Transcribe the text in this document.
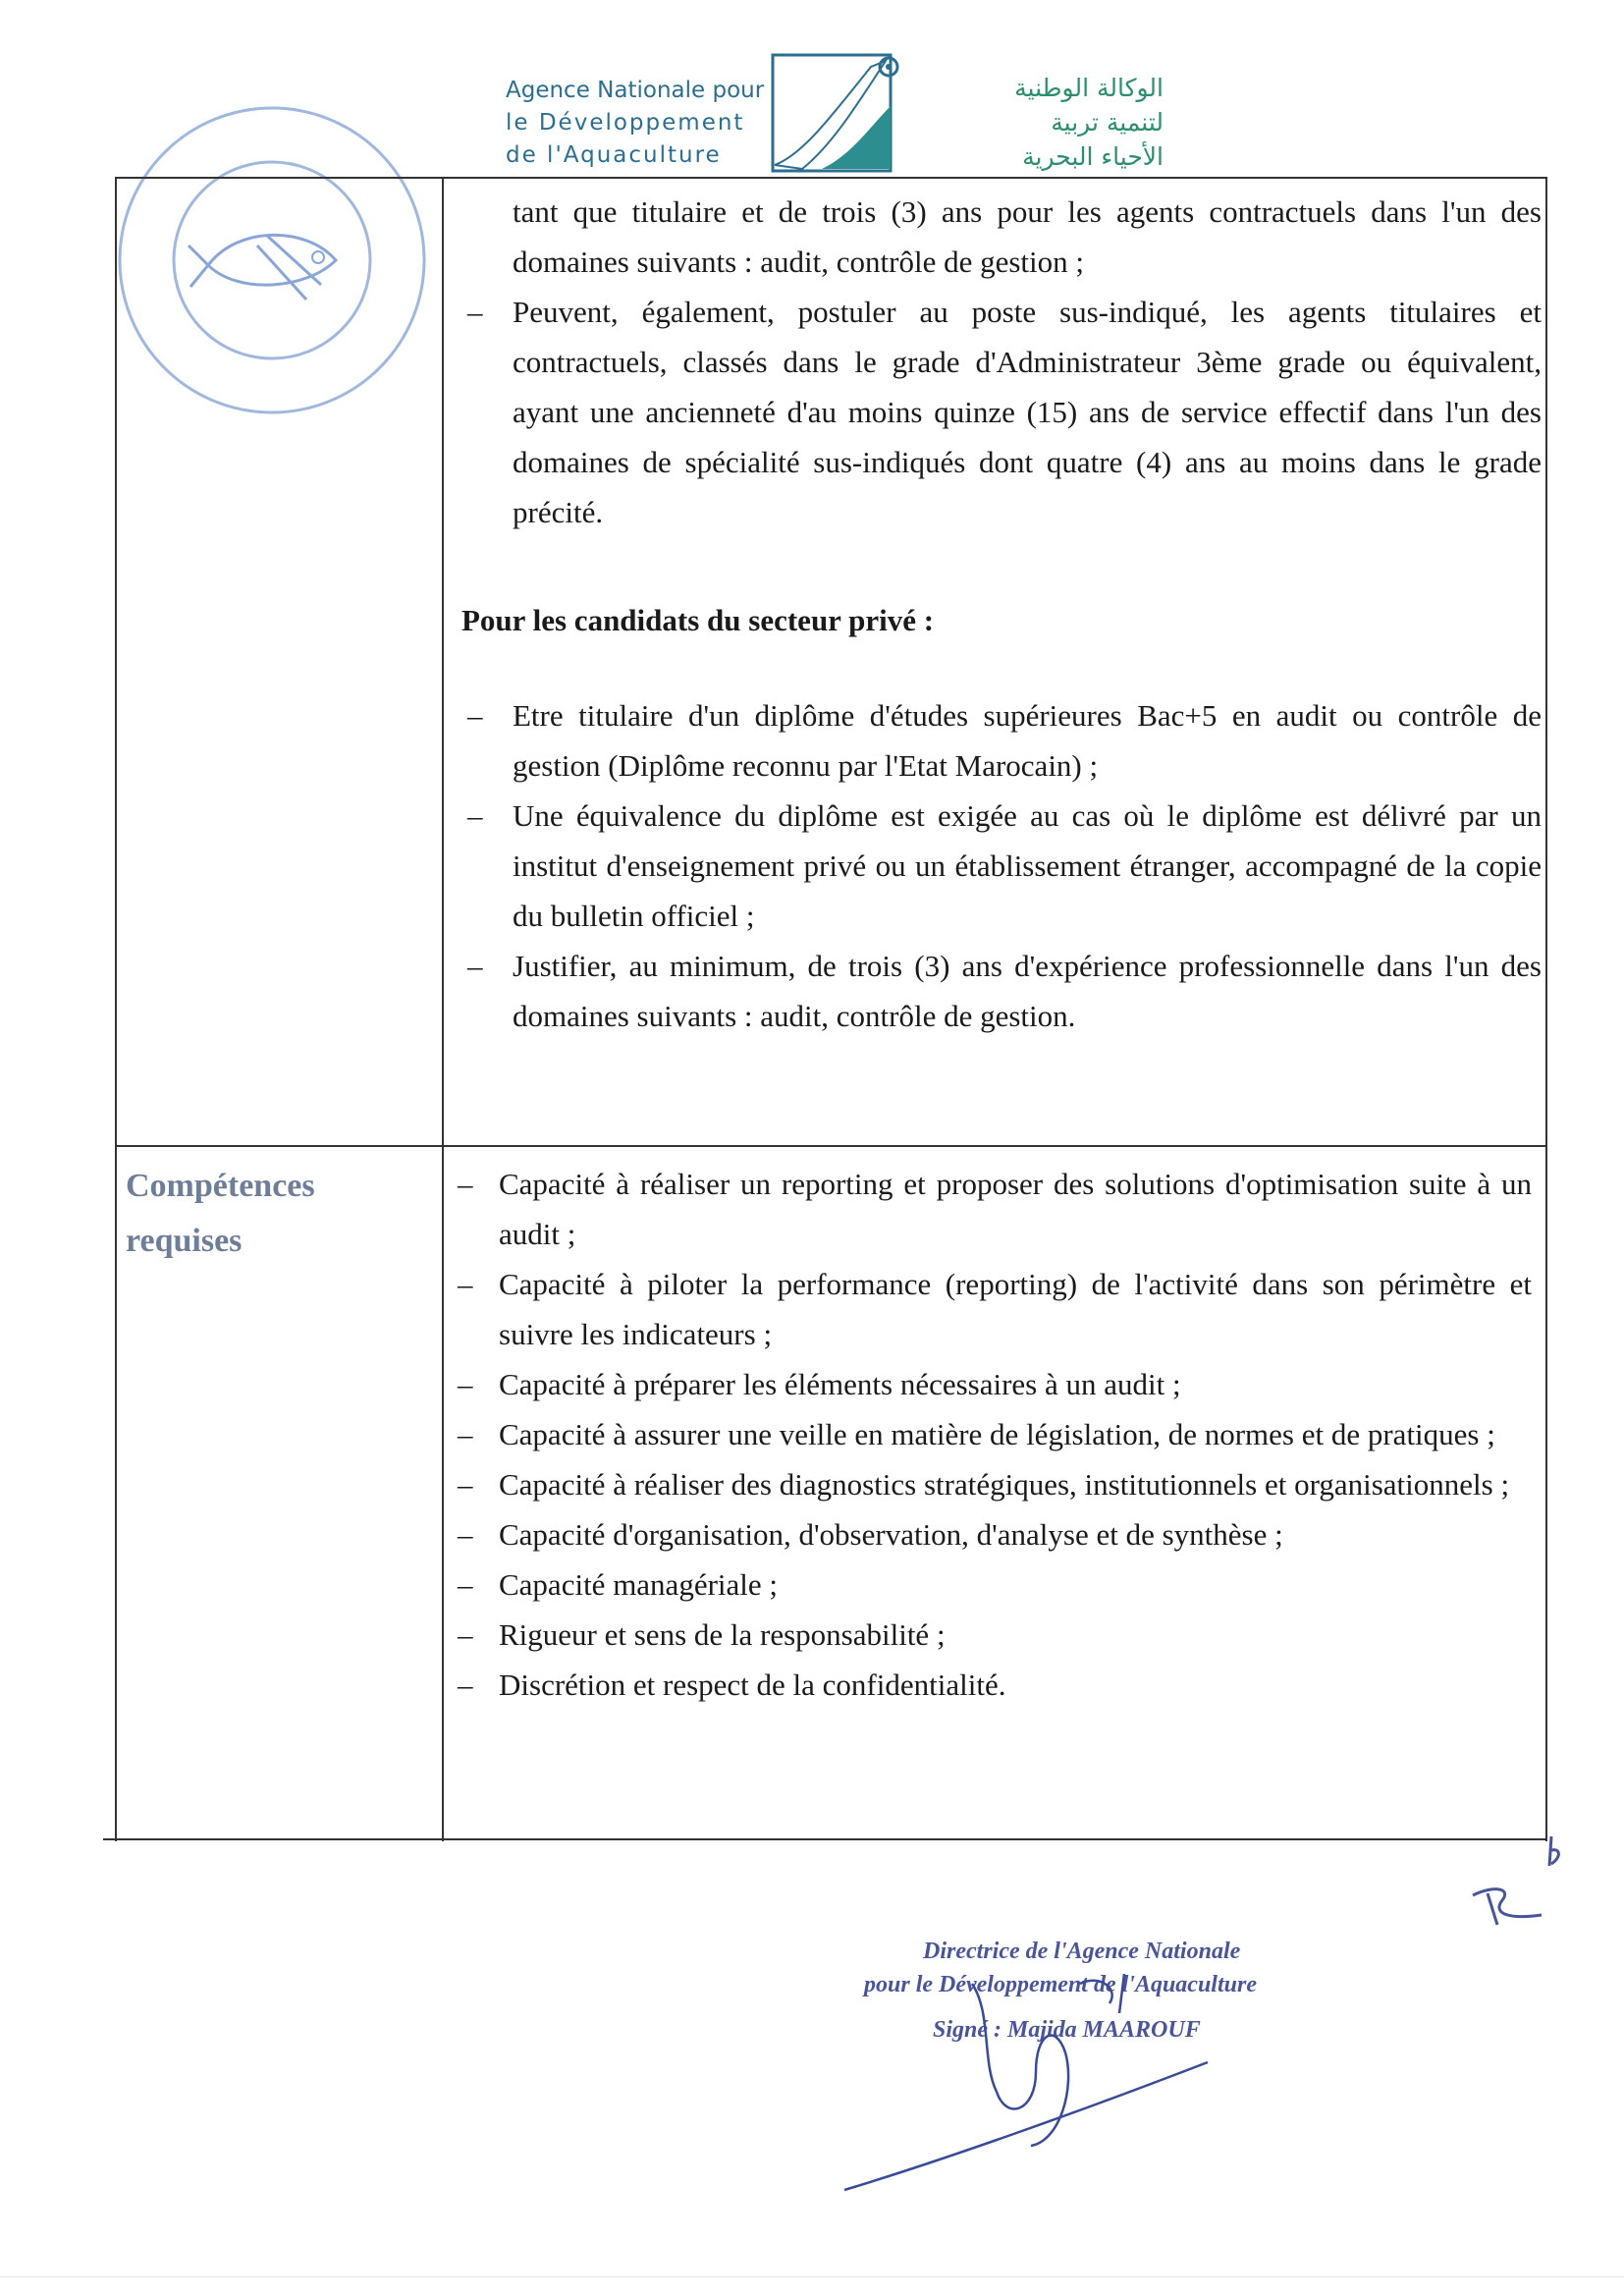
Agence Nationale pour
le Développement
de l'Aquaculture
الوكالة الوطنية
لتنمية تربية
الأحياء البحرية

tant que titulaire et de trois (3) ans pour les agents contractuels dans l'un des domaines suivants : audit, contrôle de gestion ;

– Peuvent, également, postuler au poste sus-indiqué, les agents titulaires et contractuels, classés dans le grade d'Administrateur 3ème grade ou équivalent, ayant une ancienneté d'au moins quinze (15) ans de service effectif dans l'un des domaines de spécialité sus-indiqués dont quatre (4) ans au moins dans le grade précité.

Pour les candidats du secteur privé :

– Etre titulaire d'un diplôme d'études supérieures Bac+5 en audit ou contrôle de gestion (Diplôme reconnu par l'Etat Marocain) ;

– Une équivalence du diplôme est exigée au cas où le diplôme est délivré par un institut d'enseignement privé ou un établissement étranger, accompagné de la copie du bulletin officiel ;

– Justifier, au minimum, de trois (3) ans d'expérience professionnelle dans l'un des domaines suivants : audit, contrôle de gestion.

Compétences
requises

– Capacité à réaliser un reporting et proposer des solutions d'optimisation suite à un audit ;

– Capacité à piloter la performance (reporting) de l'activité dans son périmètre et suivre les indicateurs ;

– Capacité à préparer les éléments nécessaires à un audit ;

– Capacité à assurer une veille en matière de législation, de normes et de pratiques ;

– Capacité à réaliser des diagnostics stratégiques, institutionnels et organisationnels ;

– Capacité d'organisation, d'observation, d'analyse et de synthèse ;

– Capacité managériale ;

– Rigueur et sens de la responsabilité ;

– Discrétion et respect de la confidentialité.

Directrice de l'Agence Nationale
pour le Développement de l'Aquaculture
Signé : Majida MAAROUF
